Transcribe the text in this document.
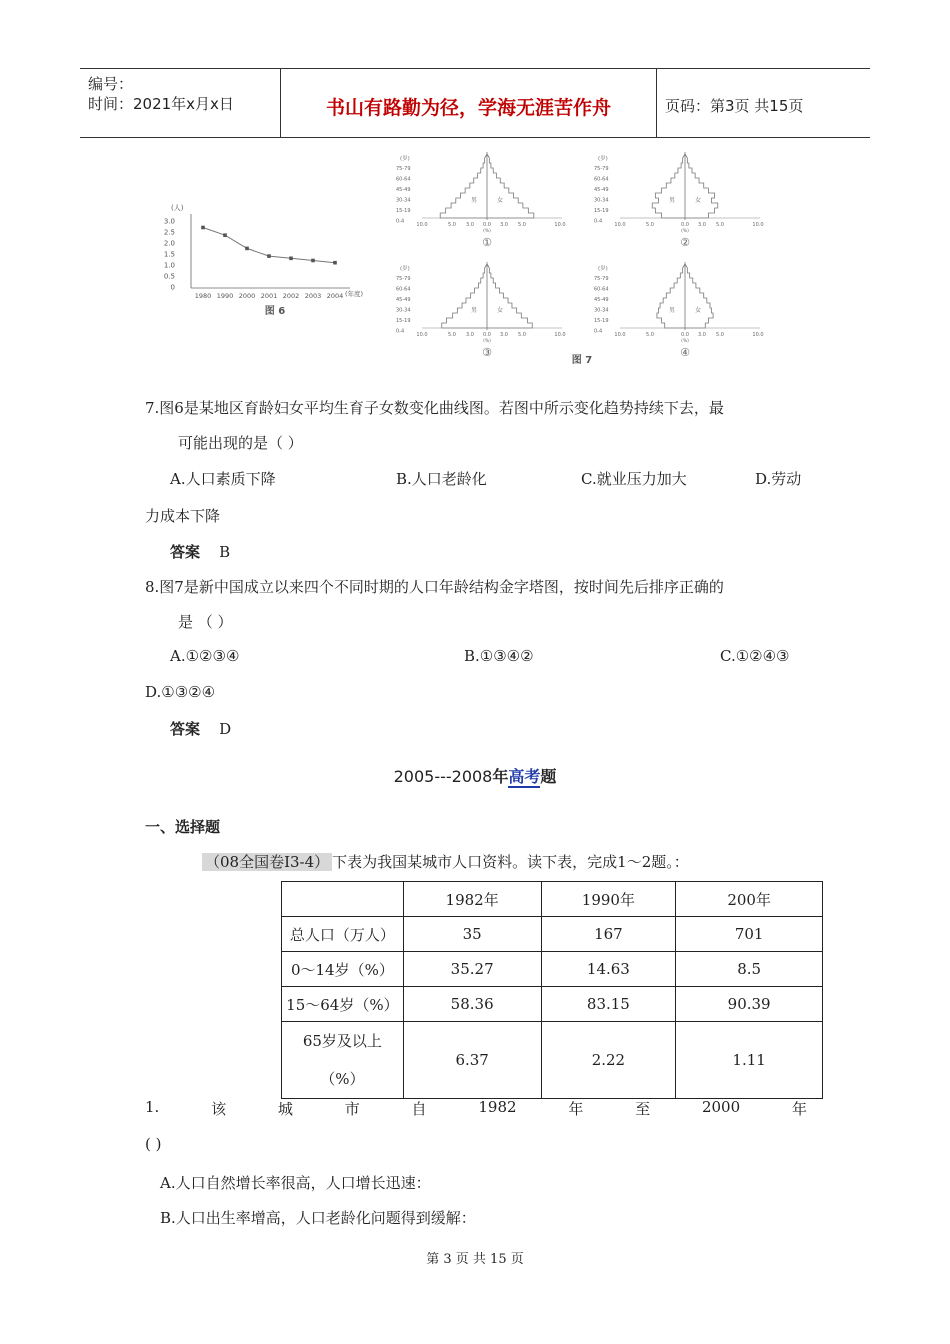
编号：
时间：2021年x月x日	书山有路勤为径，学海无涯苦作舟	页码：第3页 共15页
(人)
3.0
2.5
2.0
1.5
1.0
0.5
0
1980 1990 2000 2001 2002 2003 2004 (年度)
图 6
(岁)
75-79
60-64
45-49
30-34
15-19
0-4
男	女
10.0	5.0 3.0 0.0 3.0 5.0	10.0
(%)
①
(岁)
75-79
60-64
45-49
30-34
15-19
0-4
男	女
10.0	5.0	0.0 3.0 5.0	10.0
(%)
②
(岁)
75-79
60-64
45-49
30-34
15-19
0-4
男	女
10.0	5.0 3.0 0.0 3.0 5.0	10.0
(%)
③
(岁)
75-79
60-64
45-49
30-34
15-19
0-4
男	女
10.0	5.0	0.0 3.0 5.0	10.0
(%)
④
图 7
7.图6是某地区育龄妇女平均生育子女数变化曲线图。若图中所示变化趋势持续下去，最
可能出现的是（ ）
A.人口素质下降	B.人口老龄化	C.就业压力加大	D.劳动
力成本下降
答案 B
8.图7是新中国成立以来四个不同时期的人口年龄结构金字塔图，按时间先后排序正确的
是 （ ）
A.①②③④	B.①③④②	C.①②④③
D.①③②④
答案 D
2005---2008年高考题
一、选择题
（08全国卷Ⅰ3-4） 下表为我国某城市人口资料。读下表，完成1～2题。：
	1982年	1990年	200年
总人口（万人）	35	167	701
0～14岁（%）	35.27	14.63	8.5
15～64岁（%）	58.36	83.15	90.39
65岁及以上
（%）	6.37	2.22	1.11
1.	该	城	市	自	1982	年	至	2000	年
( )
A.人口自然增长率很高，人口增长迅速：
B.人口出生率增高，人口老龄化问题得到缓解：
第 3 页 共 15 页
